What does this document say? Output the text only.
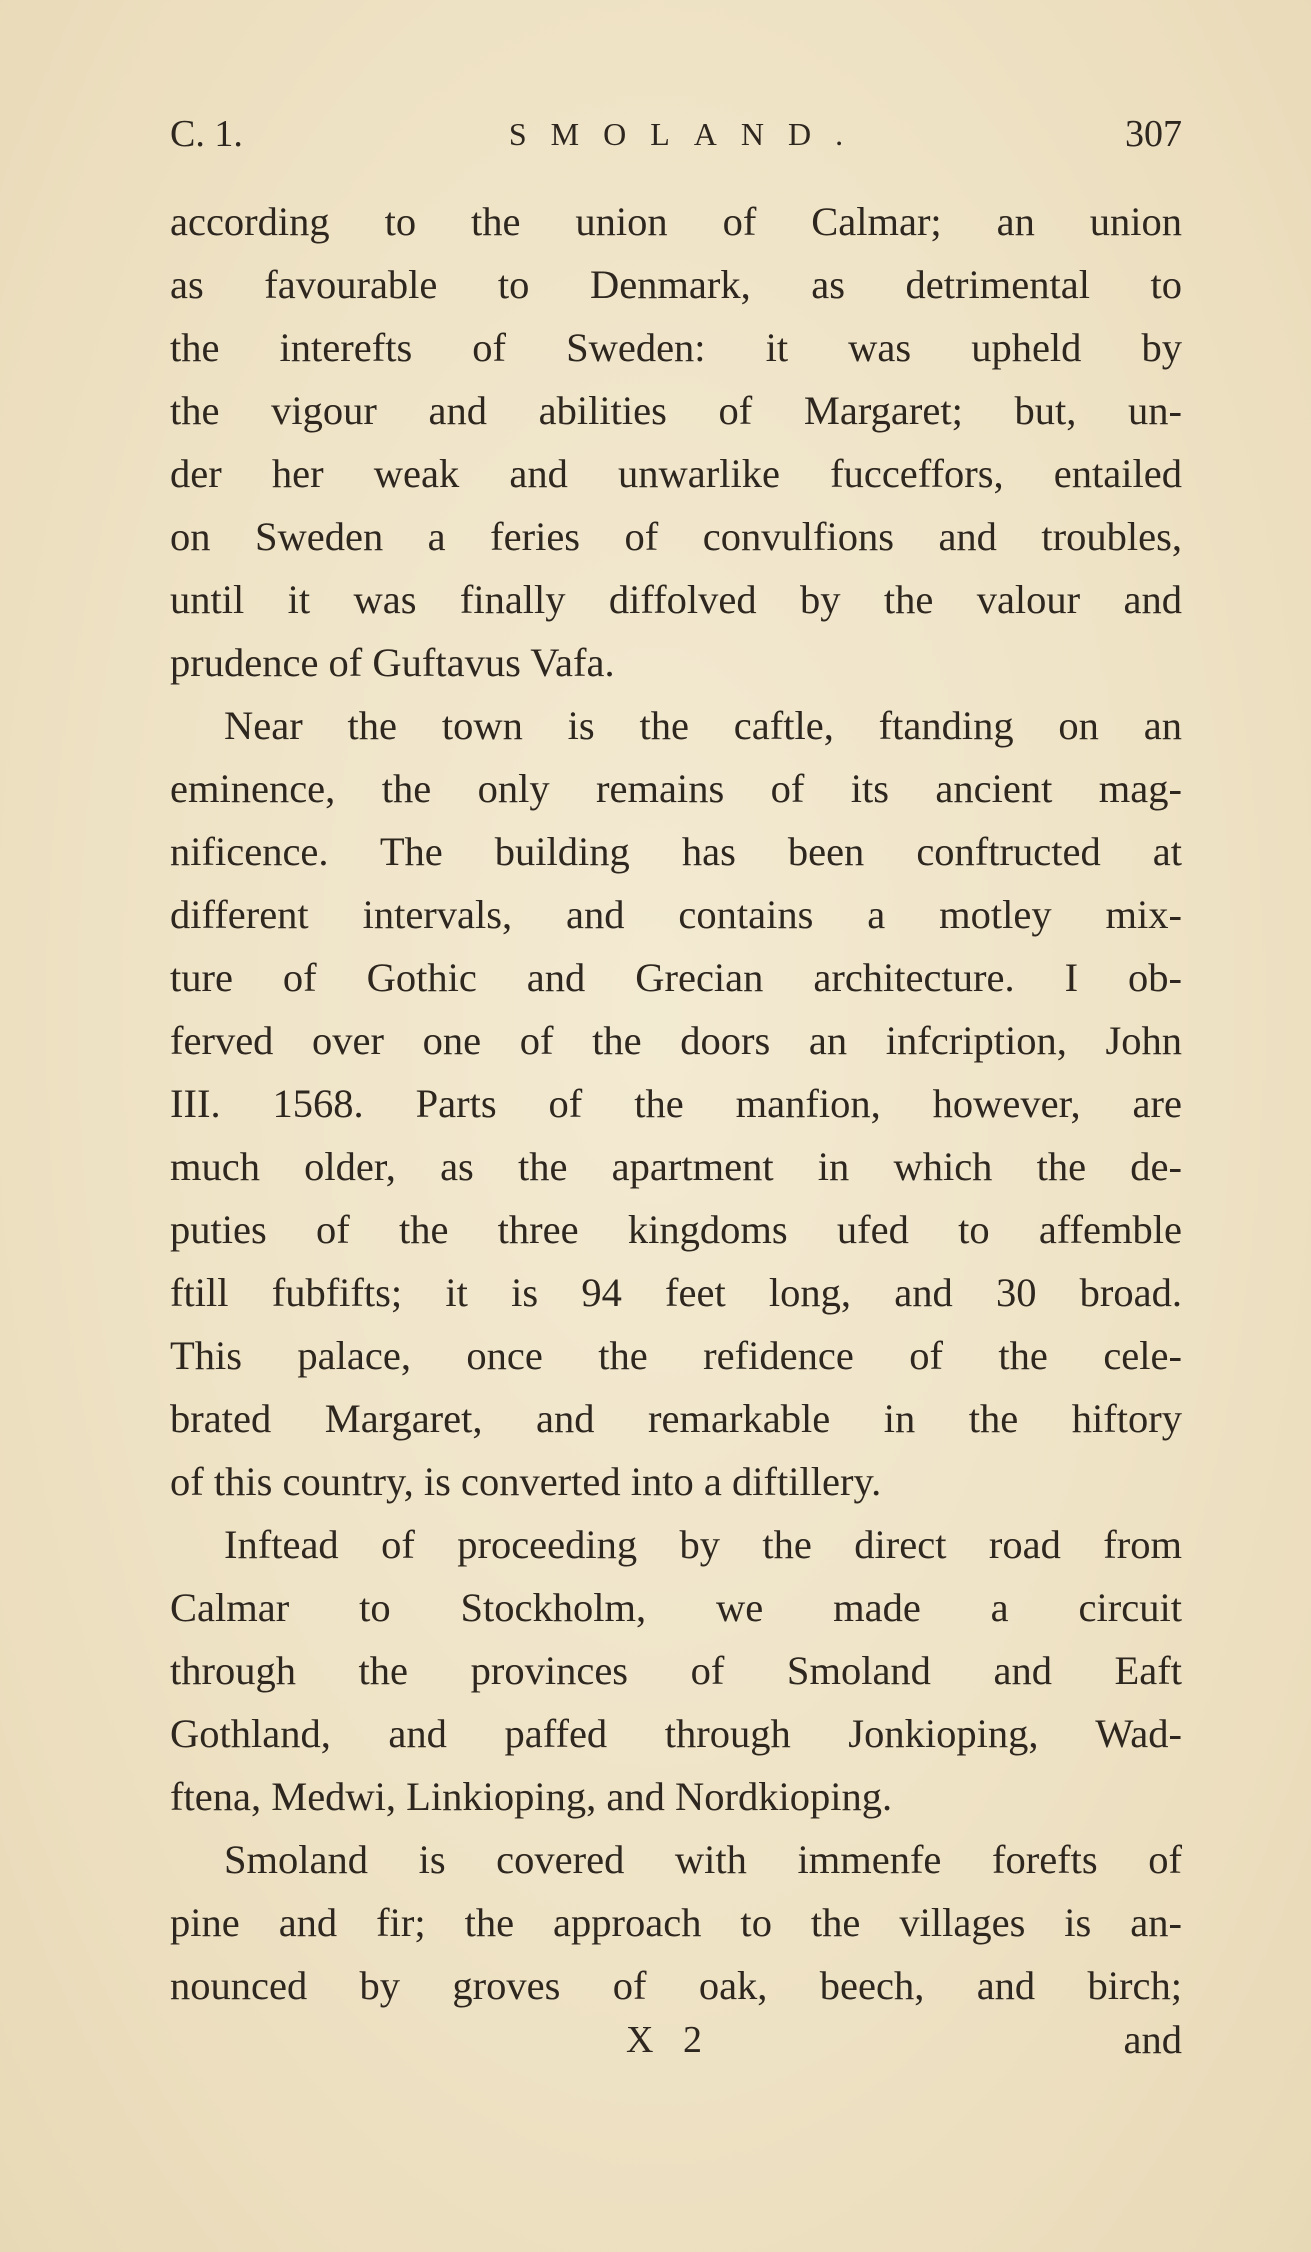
C. 1.	SMOLAND.	307
according to the union of Calmar; an union
as favourable to Denmark, as detrimental to
the interefts of Sweden: it was upheld by
the vigour and abilities of Margaret; but, un-
der her weak and unwarlike fucceffors, entailed
on Sweden a feries of convulfions and troubles,
until it was finally diffolved by the valour and
prudence of Guftavus Vafa.
Near the town is the caftle, ftanding on an
eminence, the only remains of its ancient mag-
nificence. The building has been conftructed at
different intervals, and contains a motley mix-
ture of Gothic and Grecian architecture. I ob-
ferved over one of the doors an infcription, John
III. 1568. Parts of the manfion, however, are
much older, as the apartment in which the de-
puties of the three kingdoms ufed to affemble
ftill fubfifts; it is 94 feet long, and 30 broad.
This palace, once the refidence of the cele-
brated Margaret, and remarkable in the hiftory
of this country, is converted into a diftillery.
Inftead of proceeding by the direct road from
Calmar to Stockholm, we made a circuit
through the provinces of Smoland and Eaft
Gothland, and paffed through Jonkioping, Wad-
ftena, Medwi, Linkioping, and Nordkioping.
Smoland is covered with immenfe forefts of
pine and fir; the approach to the villages is an-
nounced by groves of oak, beech, and birch;
X 2	and
